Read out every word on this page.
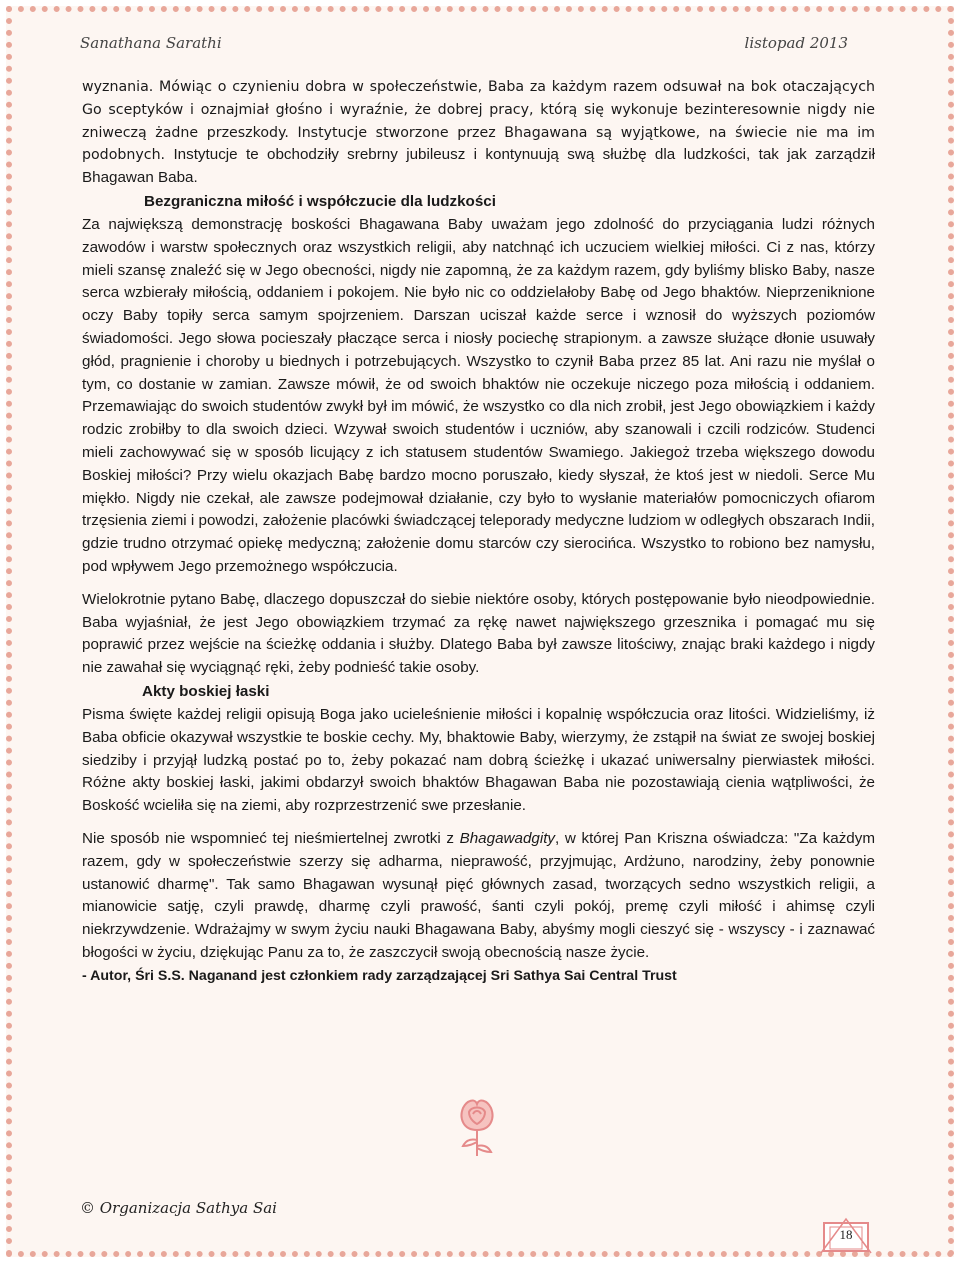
Sanathana Sarathi	listopad 2013

wyznania. Mówiąc o czynieniu dobra w społeczeństwie, Baba za każdym razem odsuwał na bok otaczających Go sceptyków i oznajmiał głośno i wyraźnie, że dobrej pracy, którą się wykonuje bezinteresownie nigdy nie zniweczą żadne przeszkody. Instytucje stworzone przez Bhagawana są wyjątkowe, na świecie nie ma im podobnych. Instytucje te obchodziły srebrny jubileusz i kontynuują swą służbę dla ludzkości, tak jak zarządził Bhagawan Baba.

Bezgraniczna miłość i współczucie dla ludzkości

Za największą demonstrację boskości Bhagawana Baby uważam jego zdolność do przyciągania ludzi różnych zawodów i warstw społecznych oraz wszystkich religii, aby natchnąć ich uczuciem wielkiej miłości. Ci z nas, którzy mieli szansę znaleźć się w Jego obecności, nigdy nie zapomną, że za każdym razem, gdy byliśmy blisko Baby, nasze serca wzbierały miłością, oddaniem i pokojem. Nie było nic co oddzielałoby Babę od Jego bhaktów. Nieprzeniknione oczy Baby topiły serca samym spojrzeniem. Darszan uciszał każde serce i wznosił do wyższych poziomów świadomości. Jego słowa pocieszały płaczące serca i niosły pociechę strapionym. a zawsze służące dłonie usuwały głód, pragnienie i choroby u biednych i potrzebujących. Wszystko to czynił Baba przez 85 lat. Ani razu nie myślał o tym, co dostanie w zamian. Zawsze mówił, że od swoich bhaktów nie oczekuje niczego poza miłością i oddaniem. Przemawiając do swoich studentów zwykł był im mówić, że wszystko co dla nich zrobił, jest Jego obowiązkiem i każdy rodzic zrobiłby to dla swoich dzieci. Wzywał swoich studentów i uczniów, aby szanowali i czcili rodziców. Studenci mieli zachowywać się w sposób licujący z ich statusem studentów Swamiego. Jakiegoż trzeba większego dowodu Boskiej miłości? Przy wielu okazjach Babę bardzo mocno poruszało, kiedy słyszał, że ktoś jest w niedoli. Serce Mu miękło. Nigdy nie czekał, ale zawsze podejmował działanie, czy było to wysłanie materiałów pomocniczych ofiarom trzęsienia ziemi i powodzi, założenie placówki świadczącej teleporady medyczne ludziom w odległych obszarach Indii, gdzie trudno otrzymać opiekę medyczną; założenie domu starców czy sierocińca. Wszystko to robiono bez namysłu, pod wpływem Jego przemożnego współczucia.

Wielokrotnie pytano Babę, dlaczego dopuszczał do siebie niektóre osoby, których postępowanie było nieodpowiednie. Baba wyjaśniał, że jest Jego obowiązkiem trzymać za rękę nawet największego grzesznika i pomagać mu się poprawić przez wejście na ścieżkę oddania i służby. Dlatego Baba był zawsze litościwy, znając braki każdego i nigdy nie zawahał się wyciągnąć ręki, żeby podnieść takie osoby.

Akty boskiej łaski

Pisma święte każdej religii opisują Boga jako ucieleśnienie miłości i kopalnię współczucia oraz litości. Widzieliśmy, iż Baba obficie okazywał wszystkie te boskie cechy. My, bhaktowie Baby, wierzymy, że zstąpił na świat ze swojej boskiej siedziby i przyjął ludzką postać po to, żeby pokazać nam dobrą ścieżkę i ukazać uniwersalny pierwiastek miłości. Różne akty boskiej łaski, jakimi obdarzył swoich bhaktów Bhagawan Baba nie pozostawiają cienia wątpliwości, że Boskość wcieliła się na ziemi, aby rozprzestrzenić swe przesłanie.

Nie sposób nie wspomnieć tej nieśmiertelnej zwrotki z Bhagawadgity, w której Pan Kriszna oświadcza: "Za każdym razem, gdy w społeczeństwie szerzy się adharma, nieprawość, przyjmując, Ardżuno, narodziny, żeby ponownie ustanowić dharmę". Tak samo Bhagawan wysunął pięć głównych zasad, tworzących sedno wszystkich religii, a mianowicie satję, czyli prawdę, dharmę czyli prawość, śanti czyli pokój, premę czyli miłość i ahimsę czyli niekrzywdzenie. Wdrażajmy w swym życiu nauki Bhagawana Baby, abyśmy mogli cieszyć się - wszyscy - i zaznawać błogości w życiu, dziękując Panu za to, że zaszczycił swoją obecnością nasze życie.

- Autor, Śri S.S. Naganand jest członkiem rady zarządzającej Sri Sathya Sai Central Trust

© Organizacja Sathya Sai
18
